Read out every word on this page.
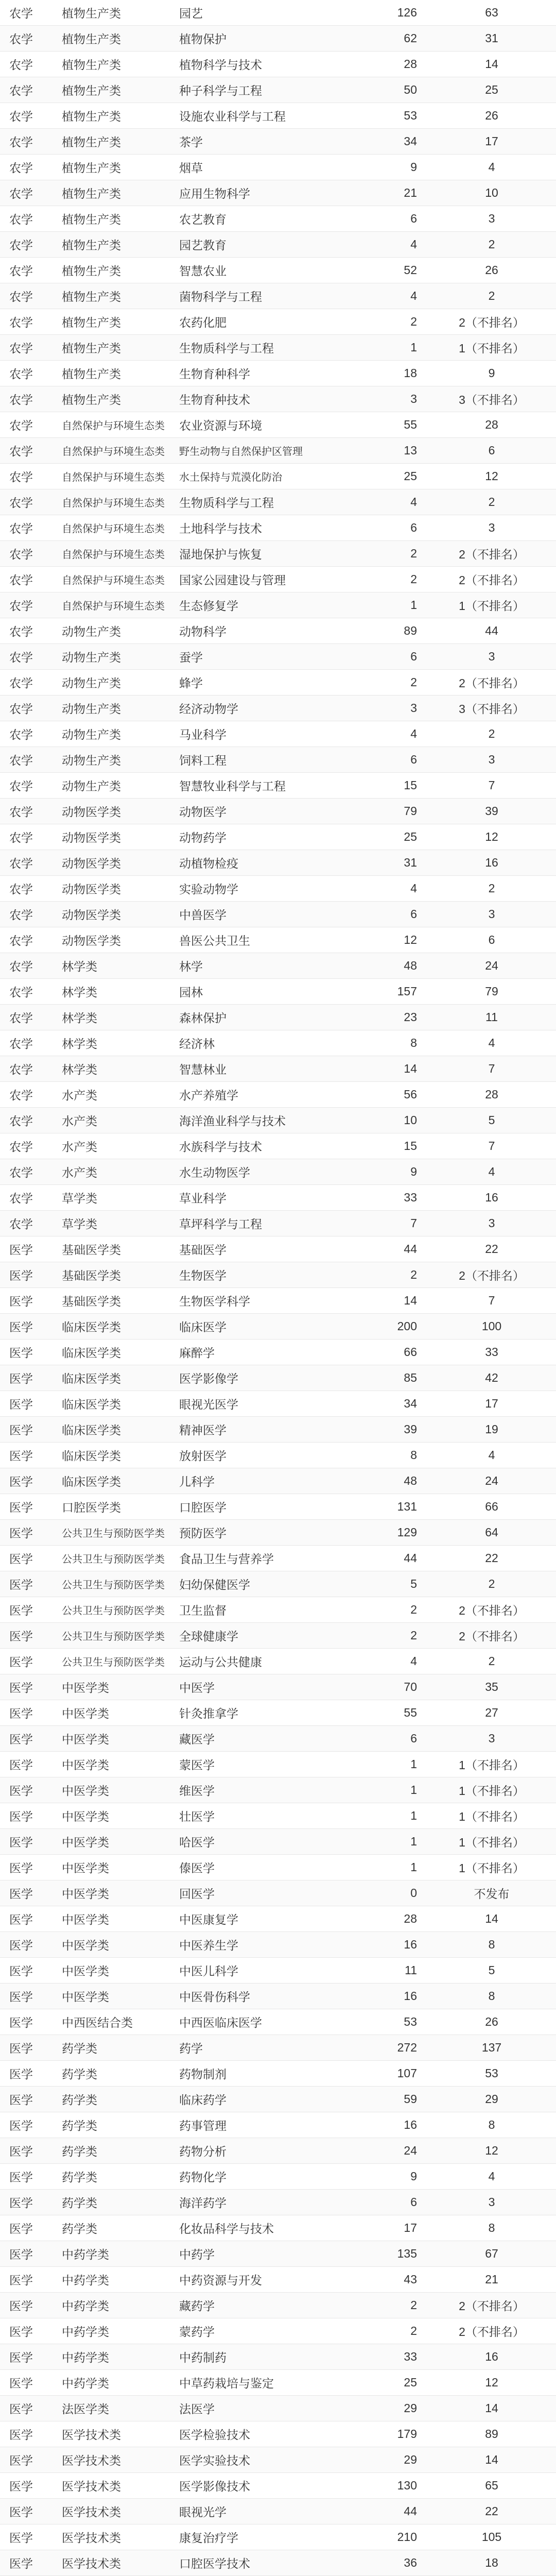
农学	植物生产类	园艺	126	63
农学	植物生产类	植物保护	62	31
农学	植物生产类	植物科学与技术	28	14
农学	植物生产类	种子科学与工程	50	25
农学	植物生产类	设施农业科学与工程	53	26
农学	植物生产类	茶学	34	17
农学	植物生产类	烟草	9	4
农学	植物生产类	应用生物科学	21	10
农学	植物生产类	农艺教育	6	3
农学	植物生产类	园艺教育	4	2
农学	植物生产类	智慧农业	52	26
农学	植物生产类	菌物科学与工程	4	2
农学	植物生产类	农药化肥	2	2（不排名）
农学	植物生产类	生物质科学与工程	1	1（不排名）
农学	植物生产类	生物育种科学	18	9
农学	植物生产类	生物育种技术	3	3（不排名）
农学	自然保护与环境生态类	农业资源与环境	55	28
农学	自然保护与环境生态类	野生动物与自然保护区管理	13	6
农学	自然保护与环境生态类	水土保持与荒漠化防治	25	12
农学	自然保护与环境生态类	生物质科学与工程	4	2
农学	自然保护与环境生态类	土地科学与技术	6	3
农学	自然保护与环境生态类	湿地保护与恢复	2	2（不排名）
农学	自然保护与环境生态类	国家公园建设与管理	2	2（不排名）
农学	自然保护与环境生态类	生态修复学	1	1（不排名）
农学	动物生产类	动物科学	89	44
农学	动物生产类	蚕学	6	3
农学	动物生产类	蜂学	2	2（不排名）
农学	动物生产类	经济动物学	3	3（不排名）
农学	动物生产类	马业科学	4	2
农学	动物生产类	饲料工程	6	3
农学	动物生产类	智慧牧业科学与工程	15	7
农学	动物医学类	动物医学	79	39
农学	动物医学类	动物药学	25	12
农学	动物医学类	动植物检疫	31	16
农学	动物医学类	实验动物学	4	2
农学	动物医学类	中兽医学	6	3
农学	动物医学类	兽医公共卫生	12	6
农学	林学类	林学	48	24
农学	林学类	园林	157	79
农学	林学类	森林保护	23	11
农学	林学类	经济林	8	4
农学	林学类	智慧林业	14	7
农学	水产类	水产养殖学	56	28
农学	水产类	海洋渔业科学与技术	10	5
农学	水产类	水族科学与技术	15	7
农学	水产类	水生动物医学	9	4
农学	草学类	草业科学	33	16
农学	草学类	草坪科学与工程	7	3
医学	基础医学类	基础医学	44	22
医学	基础医学类	生物医学	2	2（不排名）
医学	基础医学类	生物医学科学	14	7
医学	临床医学类	临床医学	200	100
医学	临床医学类	麻醉学	66	33
医学	临床医学类	医学影像学	85	42
医学	临床医学类	眼视光医学	34	17
医学	临床医学类	精神医学	39	19
医学	临床医学类	放射医学	8	4
医学	临床医学类	儿科学	48	24
医学	口腔医学类	口腔医学	131	66
医学	公共卫生与预防医学类	预防医学	129	64
医学	公共卫生与预防医学类	食品卫生与营养学	44	22
医学	公共卫生与预防医学类	妇幼保健医学	5	2
医学	公共卫生与预防医学类	卫生监督	2	2（不排名）
医学	公共卫生与预防医学类	全球健康学	2	2（不排名）
医学	公共卫生与预防医学类	运动与公共健康	4	2
医学	中医学类	中医学	70	35
医学	中医学类	针灸推拿学	55	27
医学	中医学类	藏医学	6	3
医学	中医学类	蒙医学	1	1（不排名）
医学	中医学类	维医学	1	1（不排名）
医学	中医学类	壮医学	1	1（不排名）
医学	中医学类	哈医学	1	1（不排名）
医学	中医学类	傣医学	1	1（不排名）
医学	中医学类	回医学	0	不发布
医学	中医学类	中医康复学	28	14
医学	中医学类	中医养生学	16	8
医学	中医学类	中医儿科学	11	5
医学	中医学类	中医骨伤科学	16	8
医学	中西医结合类	中西医临床医学	53	26
医学	药学类	药学	272	137
医学	药学类	药物制剂	107	53
医学	药学类	临床药学	59	29
医学	药学类	药事管理	16	8
医学	药学类	药物分析	24	12
医学	药学类	药物化学	9	4
医学	药学类	海洋药学	6	3
医学	药学类	化妆品科学与技术	17	8
医学	中药学类	中药学	135	67
医学	中药学类	中药资源与开发	43	21
医学	中药学类	藏药学	2	2（不排名）
医学	中药学类	蒙药学	2	2（不排名）
医学	中药学类	中药制药	33	16
医学	中药学类	中草药栽培与鉴定	25	12
医学	法医学类	法医学	29	14
医学	医学技术类	医学检验技术	179	89
医学	医学技术类	医学实验技术	29	14
医学	医学技术类	医学影像技术	130	65
医学	医学技术类	眼视光学	44	22
医学	医学技术类	康复治疗学	210	105
医学	医学技术类	口腔医学技术	36	18
